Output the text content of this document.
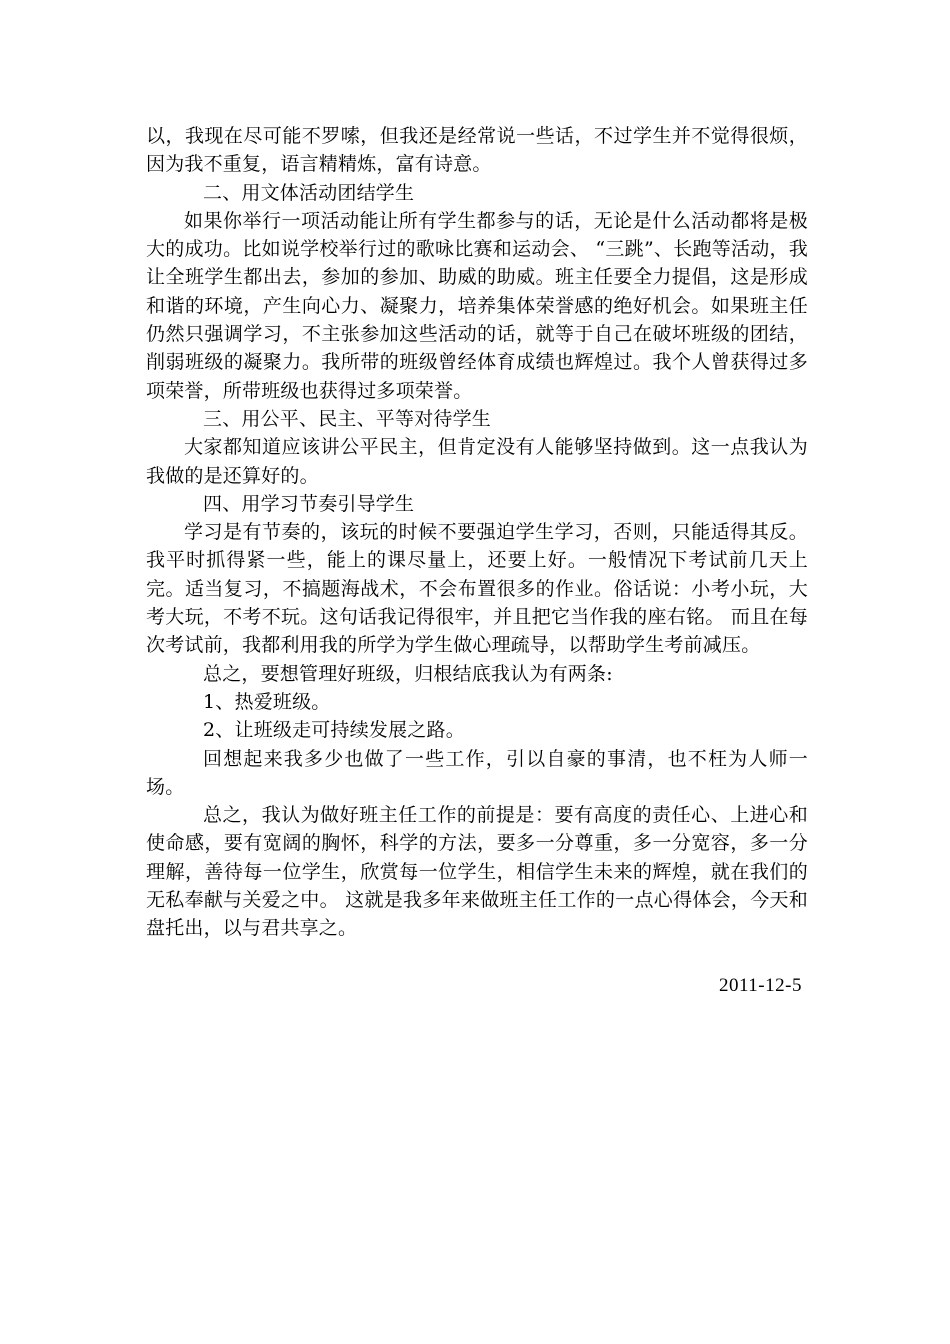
以，我现在尽可能不罗嗦，但我还是经常说一些话，不过学生并不觉得很烦，因为我不重复，语言精精炼，富有诗意。

二、用文体活动团结学生

如果你举行一项活动能让所有学生都参与的话，无论是什么活动都将是极大的成功。比如说学校举行过的歌咏比赛和运动会、 “三跳”、长跑等活动，我让全班学生都出去，参加的参加、助威的助威。班主任要全力提倡，这是形成和谐的环境，产生向心力、凝聚力，培养集体荣誉感的绝好机会。如果班主任仍然只强调学习，不主张参加这些活动的话，就等于自己在破坏班级的团结，削弱班级的凝聚力。我所带的班级曾经体育成绩也辉煌过。我个人曾获得过多项荣誉，所带班级也获得过多项荣誉。

三、用公平、民主、平等对待学生

大家都知道应该讲公平民主，但肯定没有人能够坚持做到。这一点我认为我做的是还算好的。

四、用学习节奏引导学生

学习是有节奏的，该玩的时候不要强迫学生学习，否则，只能适得其反。我平时抓得紧一些，能上的课尽量上，还要上好。一般情况下考试前几天上完。适当复习，不搞题海战术，不会布置很多的作业。俗话说：小考小玩，大考大玩，不考不玩。这句话我记得很牢，并且把它当作我的座右铭。 而且在每次考试前，我都利用我的所学为学生做心理疏导，以帮助学生考前减压。

总之，要想管理好班级，归根结底我认为有两条:

1、热爱班级。

2、让班级走可持续发展之路。

回想起来我多少也做了一些工作，引以自豪的事清，也不枉为人师一场。

总之，我认为做好班主任工作的前提是：要有高度的责任心、上进心和使命感，要有宽阔的胸怀，科学的方法，要多一分尊重，多一分宽容，多一分理解，善待每一位学生，欣赏每一位学生，相信学生未来的辉煌，就在我们的无私奉献与关爱之中。 这就是我多年来做班主任工作的一点心得体会，今天和盘托出，以与君共享之。

2011-12-5
